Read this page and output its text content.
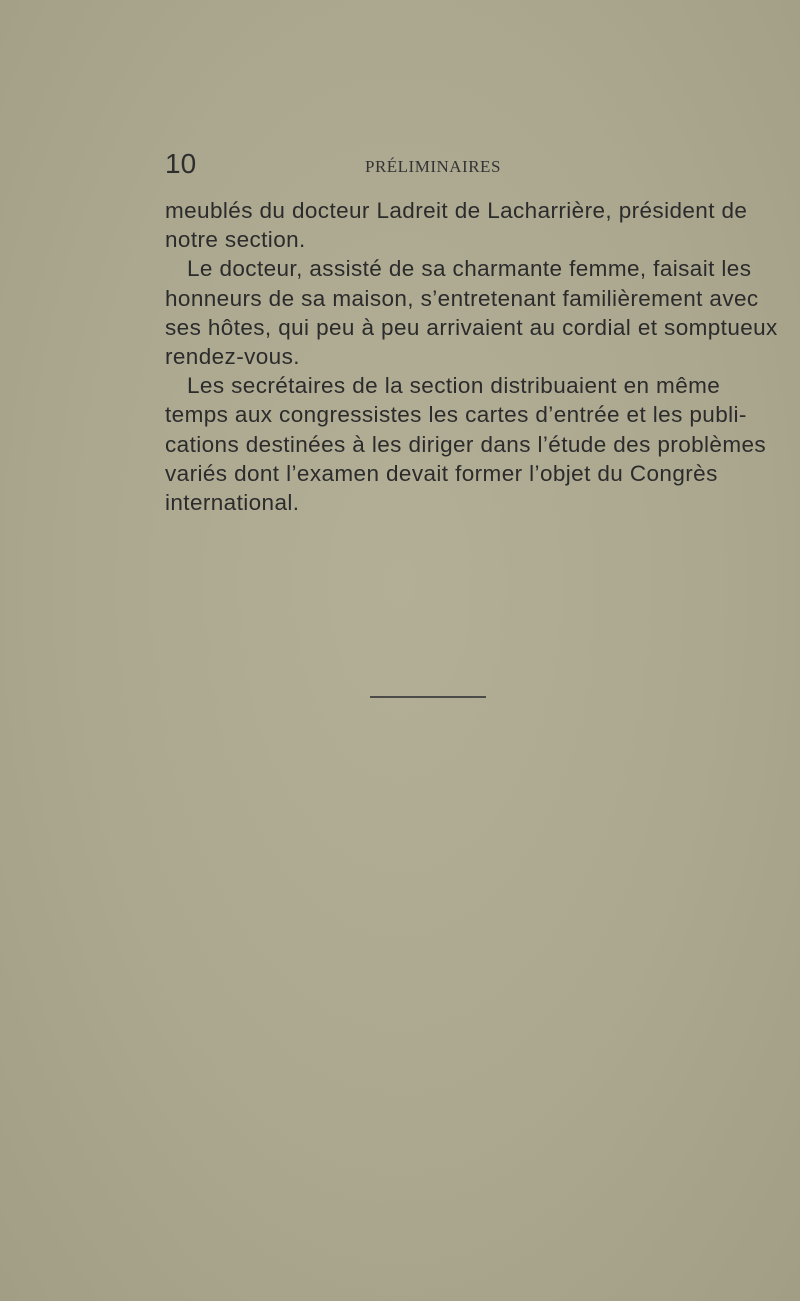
10	PRÉLIMINAIRES
meublés du docteur Ladreit de Lacharrière, président de
notre section.
Le docteur, assisté de sa charmante femme, faisait les
honneurs de sa maison, s’entretenant familièrement avec
ses hôtes, qui peu à peu arrivaient au cordial et somptueux
rendez-vous.
Les secrétaires de la section distribuaient en même
temps aux congressistes les cartes d’entrée et les publi-
cations destinées à les diriger dans l’étude des problèmes
variés dont l’examen devait former l’objet du Congrès
international.
